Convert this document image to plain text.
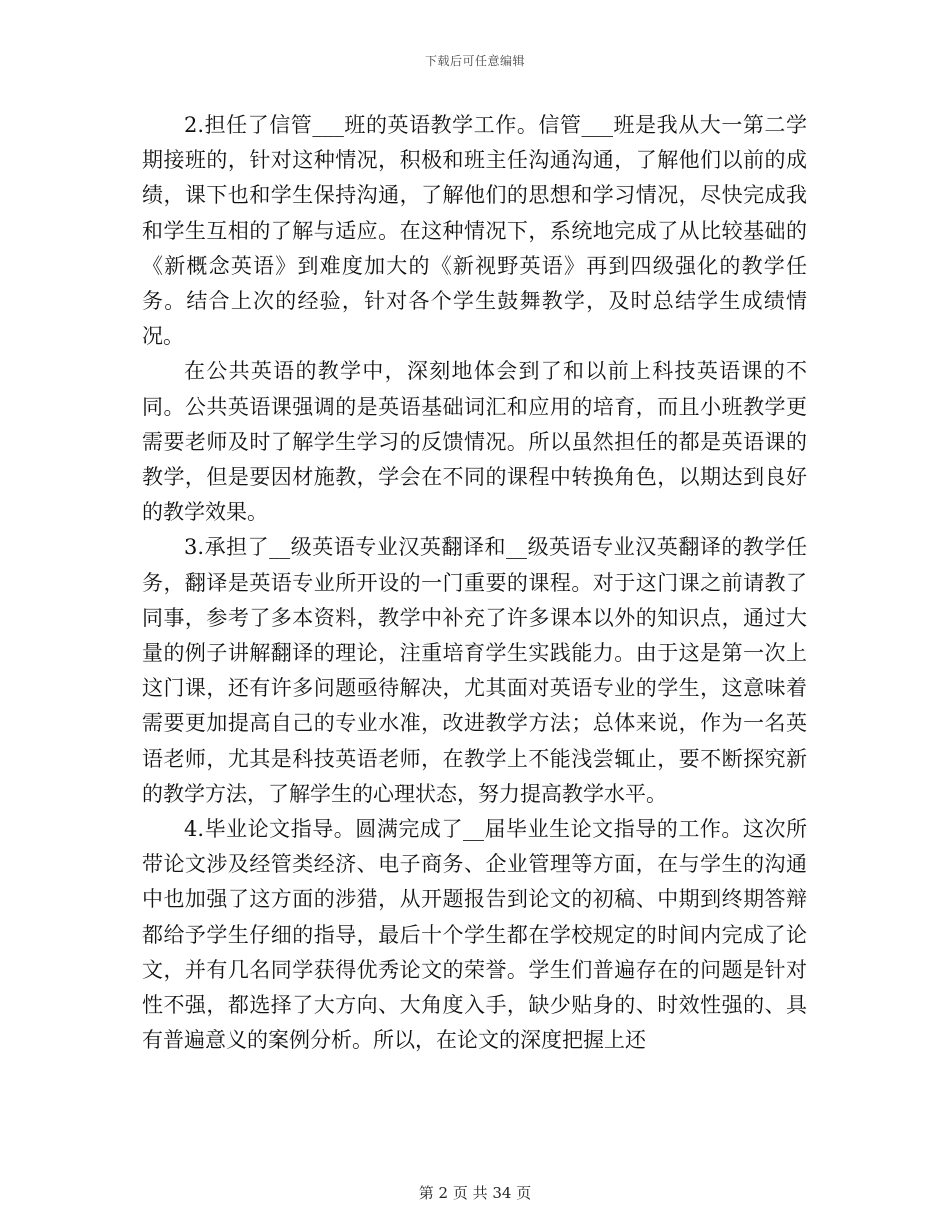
下载后可任意编辑

2.担任了信管___班的英语教学工作。信管___班是我从大一第二学期接班的，针对这种情况，积极和班主任沟通沟通，了解他们以前的成绩，课下也和学生保持沟通，了解他们的思想和学习情况，尽快完成我和学生互相的了解与适应。在这种情况下，系统地完成了从比较基础的《新概念英语》到难度加大的《新视野英语》再到四级强化的教学任务。结合上次的经验，针对各个学生鼓舞教学，及时总结学生成绩情况。

在公共英语的教学中，深刻地体会到了和以前上科技英语课的不同。公共英语课强调的是英语基础词汇和应用的培育，而且小班教学更需要老师及时了解学生学习的反馈情况。所以虽然担任的都是英语课的教学，但是要因材施教，学会在不同的课程中转换角色，以期达到良好的教学效果。

3.承担了__级英语专业汉英翻译和__级英语专业汉英翻译的教学任务，翻译是英语专业所开设的一门重要的课程。对于这门课之前请教了同事，参考了多本资料，教学中补充了许多课本以外的知识点，通过大量的例子讲解翻译的理论，注重培育学生实践能力。由于这是第一次上这门课，还有许多问题亟待解决，尤其面对英语专业的学生，这意味着需要更加提高自己的专业水准，改进教学方法；总体来说，作为一名英语老师，尤其是科技英语老师，在教学上不能浅尝辄止，要不断探究新的教学方法，了解学生的心理状态，努力提高教学水平。

4.毕业论文指导。圆满完成了__届毕业生论文指导的工作。这次所带论文涉及经管类经济、电子商务、企业管理等方面，在与学生的沟通中也加强了这方面的涉猎，从开题报告到论文的初稿、中期到终期答辩都给予学生仔细的指导，最后十个学生都在学校规定的时间内完成了论文，并有几名同学获得优秀论文的荣誉。学生们普遍存在的问题是针对性不强，都选择了大方向、大角度入手，缺少贴身的、时效性强的、具有普遍意义的案例分析。所以，在论文的深度把握上还

第 2 页 共 34 页
